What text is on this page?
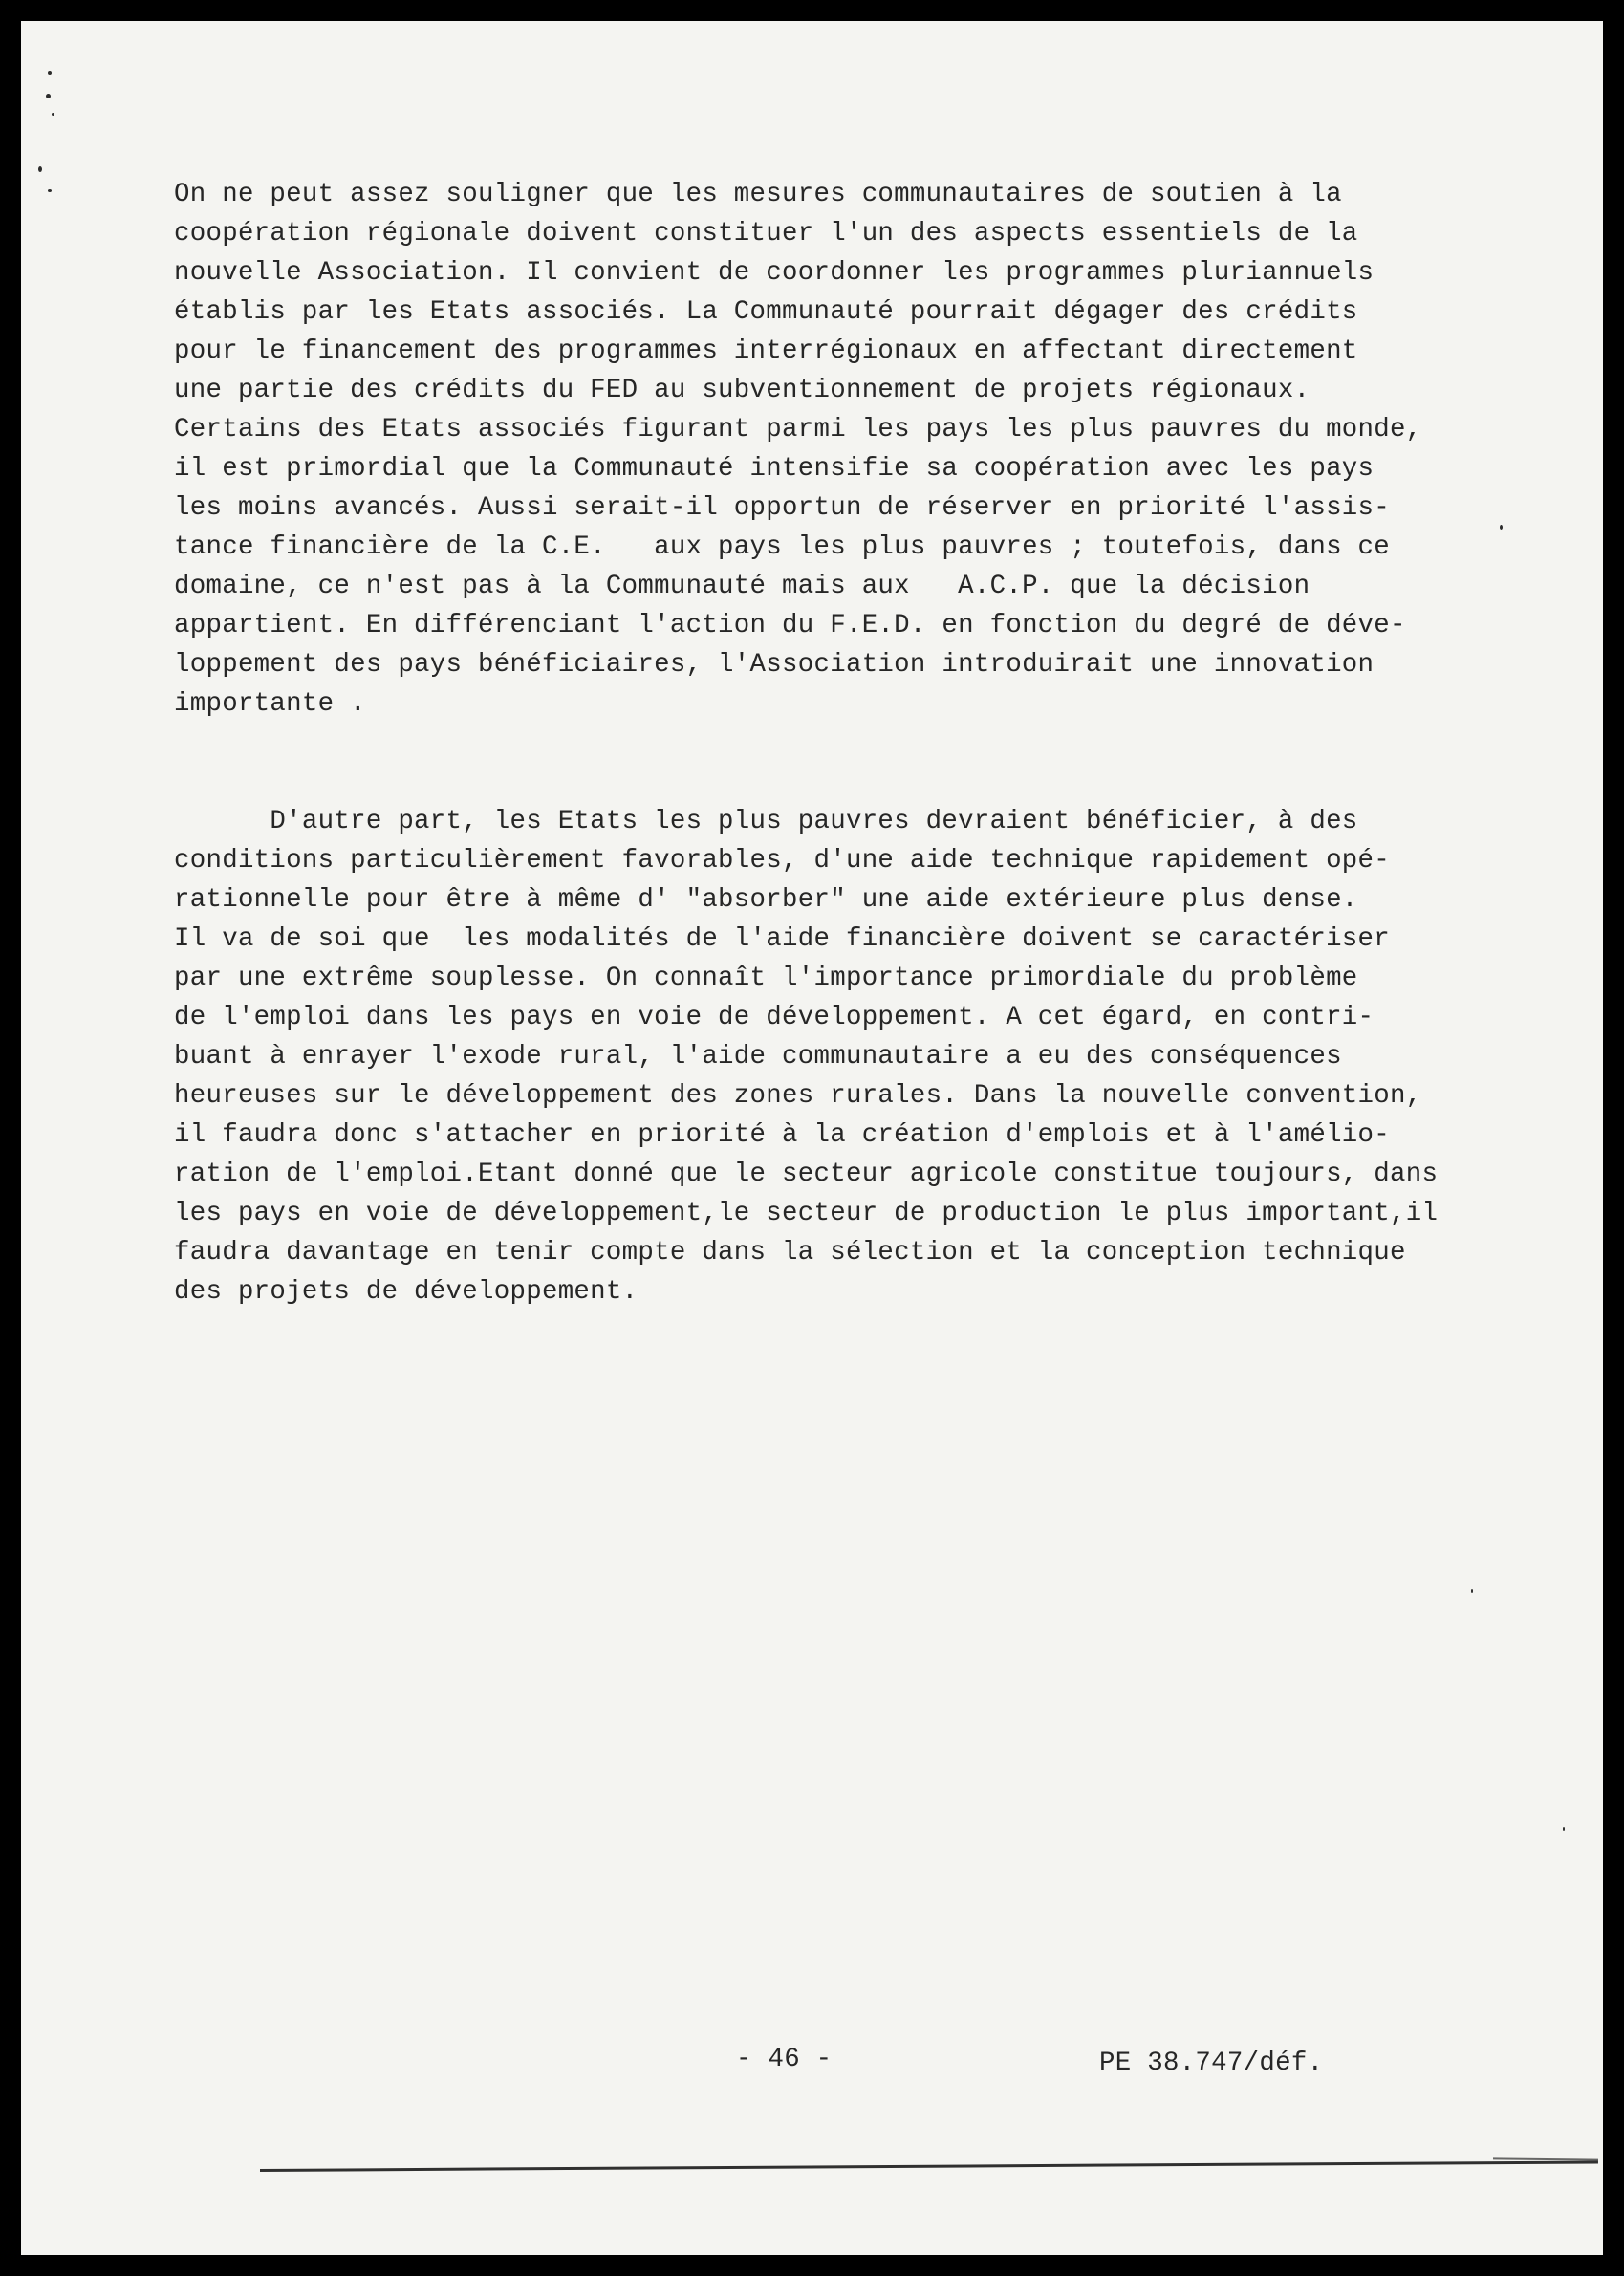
On ne peut assez souligner que les mesures communautaires de soutien à la
coopération régionale doivent constituer l'un des aspects essentiels de la
nouvelle Association. Il convient de coordonner les programmes pluriannuels
établis par les Etats associés. La Communauté pourrait dégager des crédits
pour le financement des programmes interrégionaux en affectant directement
une partie des crédits du FED au subventionnement de projets régionaux.
Certains des Etats associés figurant parmi les pays les plus pauvres du monde,
il est primordial que la Communauté intensifie sa coopération avec les pays
les moins avancés. Aussi serait-il opportun de réserver en priorité l'assis-
tance financière de la C.E.   aux pays les plus pauvres ; toutefois, dans ce
domaine, ce n'est pas à la Communauté mais aux   A.C.P. que la décision
appartient. En différenciant l'action du F.E.D. en fonction du degré de déve-
loppement des pays bénéficiaires, l'Association introduirait une innovation
importante .
D'autre part, les Etats les plus pauvres devraient bénéficier, à des
conditions particulièrement favorables, d'une aide technique rapidement opé-
rationnelle pour être à même d' "absorber" une aide extérieure plus dense.
Il va de soi que  les modalités de l'aide financière doivent se caractériser
par une extrême souplesse. On connaît l'importance primordiale du problème
de l'emploi dans les pays en voie de développement. A cet égard, en contri-
buant à enrayer l'exode rural, l'aide communautaire a eu des conséquences
heureuses sur le développement des zones rurales. Dans la nouvelle convention,
il faudra donc s'attacher en priorité à la création d'emplois et à l'amélio-
ration de l'emploi.Etant donné que le secteur agricole constitue toujours, dans
les pays en voie de développement,le secteur de production le plus important,il
faudra davantage en tenir compte dans la sélection et la conception technique
des projets de développement.
- 46 -	PE 38.747/déf.
